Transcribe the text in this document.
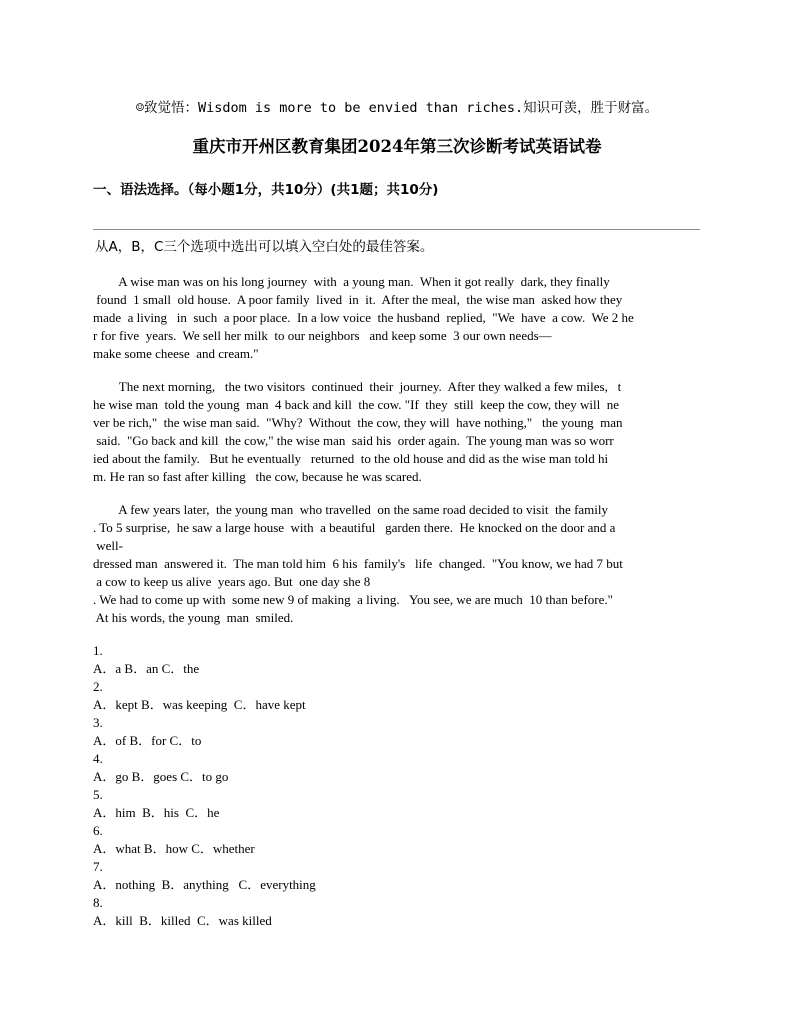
☺致觉悟：Wisdom is more to be envied than riches.知识可羡，胜于财富。
重庆市开州区教育集团2024年第三次诊断考试英语试卷
一、语法选择。（每小题1分，共10分）(共1题；共10分)
从A，B，C三个选项中选出可以填入空白处的最佳答案。
A wise man was on his long journey  with  a young man.  When it got really  dark, they finally
found  1 small  old house.  A poor family  lived  in  it.  After the meal,  the wise man  asked how they
made  a living   in  such  a poor place.  In a low voice  the husband  replied,  "We  have  a cow.  We 2 he
r for five  years.  We sell her milk  to our neighbors   and keep some  3 our own needs—
make some cheese  and cream."
The next morning,   the two visitors  continued  their  journey.  After they walked a few miles,   t
he wise man  told the young  man  4 back and kill  the cow. "If  they  still  keep the cow, they will  ne
ver be rich,"  the wise man said.  "Why?  Without  the cow, they will  have nothing,"   the young  man
said.  "Go back and kill  the cow," the wise man  said his  order again.  The young man was so worr
ied about the family.   But he eventually   returned  to the old house and did as the wise man told hi
m. He ran so fast after killing   the cow, because he was scared.
A few years later,  the young man  who travelled  on the same road decided to visit  the family
. To 5 surprise,  he saw a large house  with  a beautiful   garden there.  He knocked on the door and a
well-
dressed man  answered it.  The man told him  6 his  family's   life  changed.  "You know, we had 7 but
a cow to keep us alive  years ago. But  one day she 8
. We had to come up with  some new 9 of making  a living.   You see, we are much  10 than before."
At his words, the young  man  smiled.
1.
A．a B．an C．the
2.
A．kept B．was keeping  C．have kept
3.
A．of B．for C．to
4.
A．go B．goes C．to go
5.
A．him  B．his  C．he
6.
A．what B．how C．whether
7.
A．nothing  B．anything   C．everything
8.
A．kill  B．killed  C．was killed
